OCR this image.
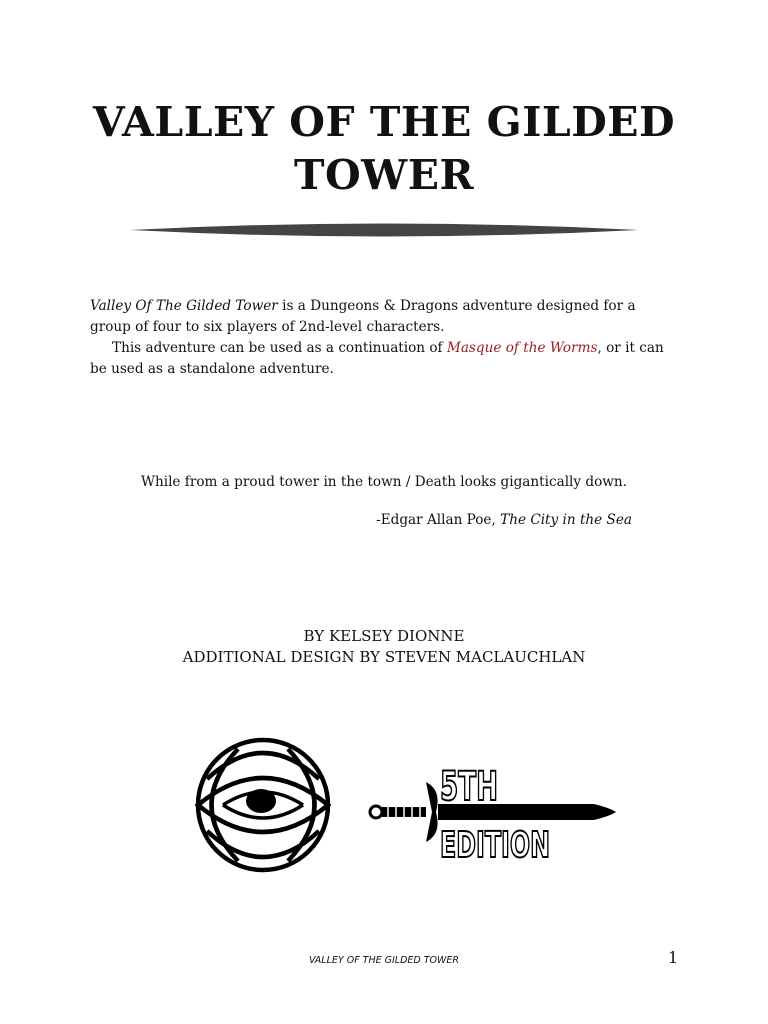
VALLEY OF THE GILDED
TOWER

Valley Of The Gilded Tower is a Dungeons & Dragons adventure designed for a group of four to six players of 2nd-level characters.

This adventure can be used as a continuation of Masque of the Worms, or it can be used as a standalone adventure.

While from a proud tower in the town / Death looks gigantically down.

-Edgar Allan Poe, The City in the Sea

BY KELSEY DIONNE
ADDITIONAL DESIGN BY STEVEN MACLAUCHLAN
5TH
EDITION
VALLEY OF THE GILDED TOWER	1
